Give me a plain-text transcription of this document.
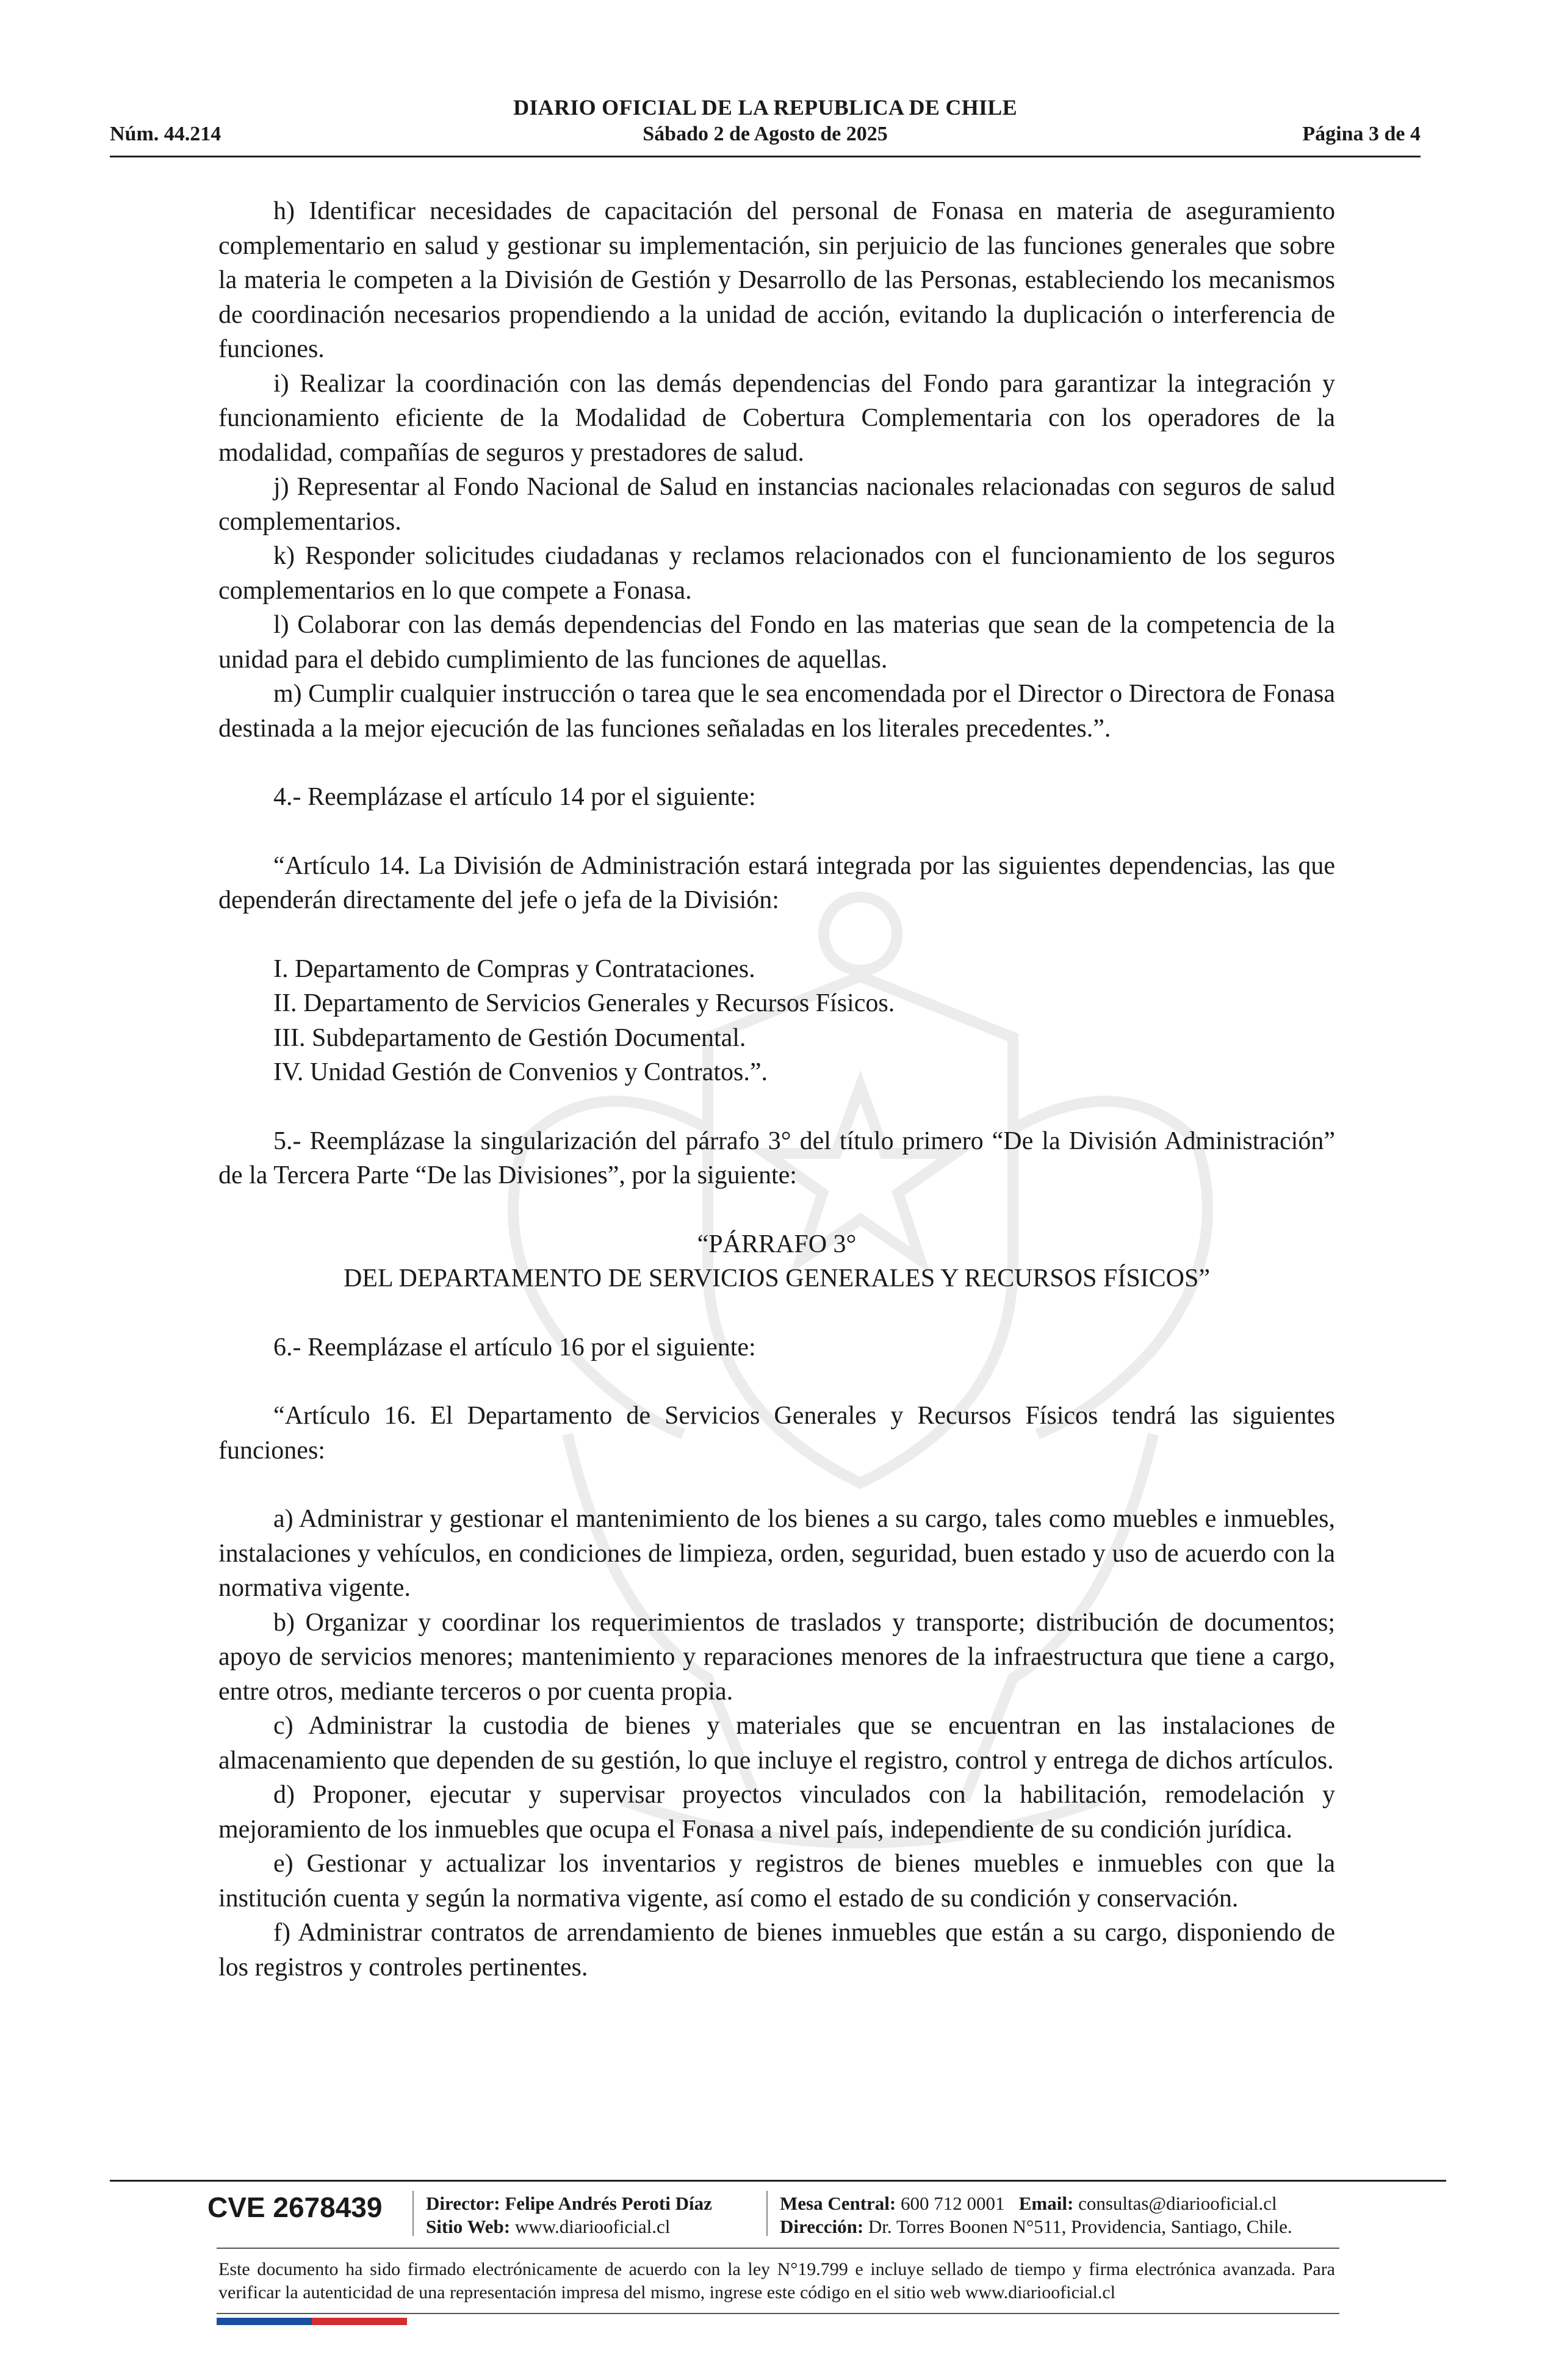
DIARIO OFICIAL DE LA REPUBLICA DE CHILE
Núm. 44.214	Sábado 2 de Agosto de 2025	Página 3 de 4

h) Identificar necesidades de capacitación del personal de Fonasa en materia de aseguramiento complementario en salud y gestionar su implementación, sin perjuicio de las funciones generales que sobre la materia le competen a la División de Gestión y Desarrollo de las Personas, estableciendo los mecanismos de coordinación necesarios propendiendo a la unidad de acción, evitando la duplicación o interferencia de funciones.

i) Realizar la coordinación con las demás dependencias del Fondo para garantizar la integración y funcionamiento eficiente de la Modalidad de Cobertura Complementaria con los operadores de la modalidad, compañías de seguros y prestadores de salud.

j) Representar al Fondo Nacional de Salud en instancias nacionales relacionadas con seguros de salud complementarios.

k) Responder solicitudes ciudadanas y reclamos relacionados con el funcionamiento de los seguros complementarios en lo que compete a Fonasa.

l) Colaborar con las demás dependencias del Fondo en las materias que sean de la competencia de la unidad para el debido cumplimiento de las funciones de aquellas.

m) Cumplir cualquier instrucción o tarea que le sea encomendada por el Director o Directora de Fonasa destinada a la mejor ejecución de las funciones señaladas en los literales precedentes.”.

4.- Reemplázase el artículo 14 por el siguiente:

“Artículo 14. La División de Administración estará integrada por las siguientes dependencias, las que dependerán directamente del jefe o jefa de la División:

I. Departamento de Compras y Contrataciones.

II. Departamento de Servicios Generales y Recursos Físicos.

III. Subdepartamento de Gestión Documental.

IV. Unidad Gestión de Convenios y Contratos.”.

5.- Reemplázase la singularización del párrafo 3° del título primero “De la División Administración” de la Tercera Parte “De las Divisiones”, por la siguiente:

“PÁRRAFO 3°

DEL DEPARTAMENTO DE SERVICIOS GENERALES Y RECURSOS FÍSICOS”

6.- Reemplázase el artículo 16 por el siguiente:

“Artículo 16. El Departamento de Servicios Generales y Recursos Físicos tendrá las siguientes funciones:

a) Administrar y gestionar el mantenimiento de los bienes a su cargo, tales como muebles e inmuebles, instalaciones y vehículos, en condiciones de limpieza, orden, seguridad, buen estado y uso de acuerdo con la normativa vigente.

b) Organizar y coordinar los requerimientos de traslados y transporte; distribución de documentos; apoyo de servicios menores; mantenimiento y reparaciones menores de la infraestructura que tiene a cargo, entre otros, mediante terceros o por cuenta propia.

c) Administrar la custodia de bienes y materiales que se encuentran en las instalaciones de almacenamiento que dependen de su gestión, lo que incluye el registro, control y entrega de dichos artículos.

d) Proponer, ejecutar y supervisar proyectos vinculados con la habilitación, remodelación y mejoramiento de los inmuebles que ocupa el Fonasa a nivel país, independiente de su condición jurídica.

e) Gestionar y actualizar los inventarios y registros de bienes muebles e inmuebles con que la institución cuenta y según la normativa vigente, así como el estado de su condición y conservación.

f) Administrar contratos de arrendamiento de bienes inmuebles que están a su cargo, disponiendo de los registros y controles pertinentes.

CVE 2678439 Director: Felipe Andrés Peroti Díaz
Sitio Web: www.diariooficial.cl
Mesa Central: 600 712 0001 Email: consultas@diariooficial.cl
Dirección: Dr. Torres Boonen N°511, Providencia, Santiago, Chile.
Este documento ha sido firmado electrónicamente de acuerdo con la ley N°19.799 e incluye sellado de tiempo y firma electrónica avanzada. Para verificar la autenticidad de una representación impresa del mismo, ingrese este código en el sitio web www.diariooficial.cl
